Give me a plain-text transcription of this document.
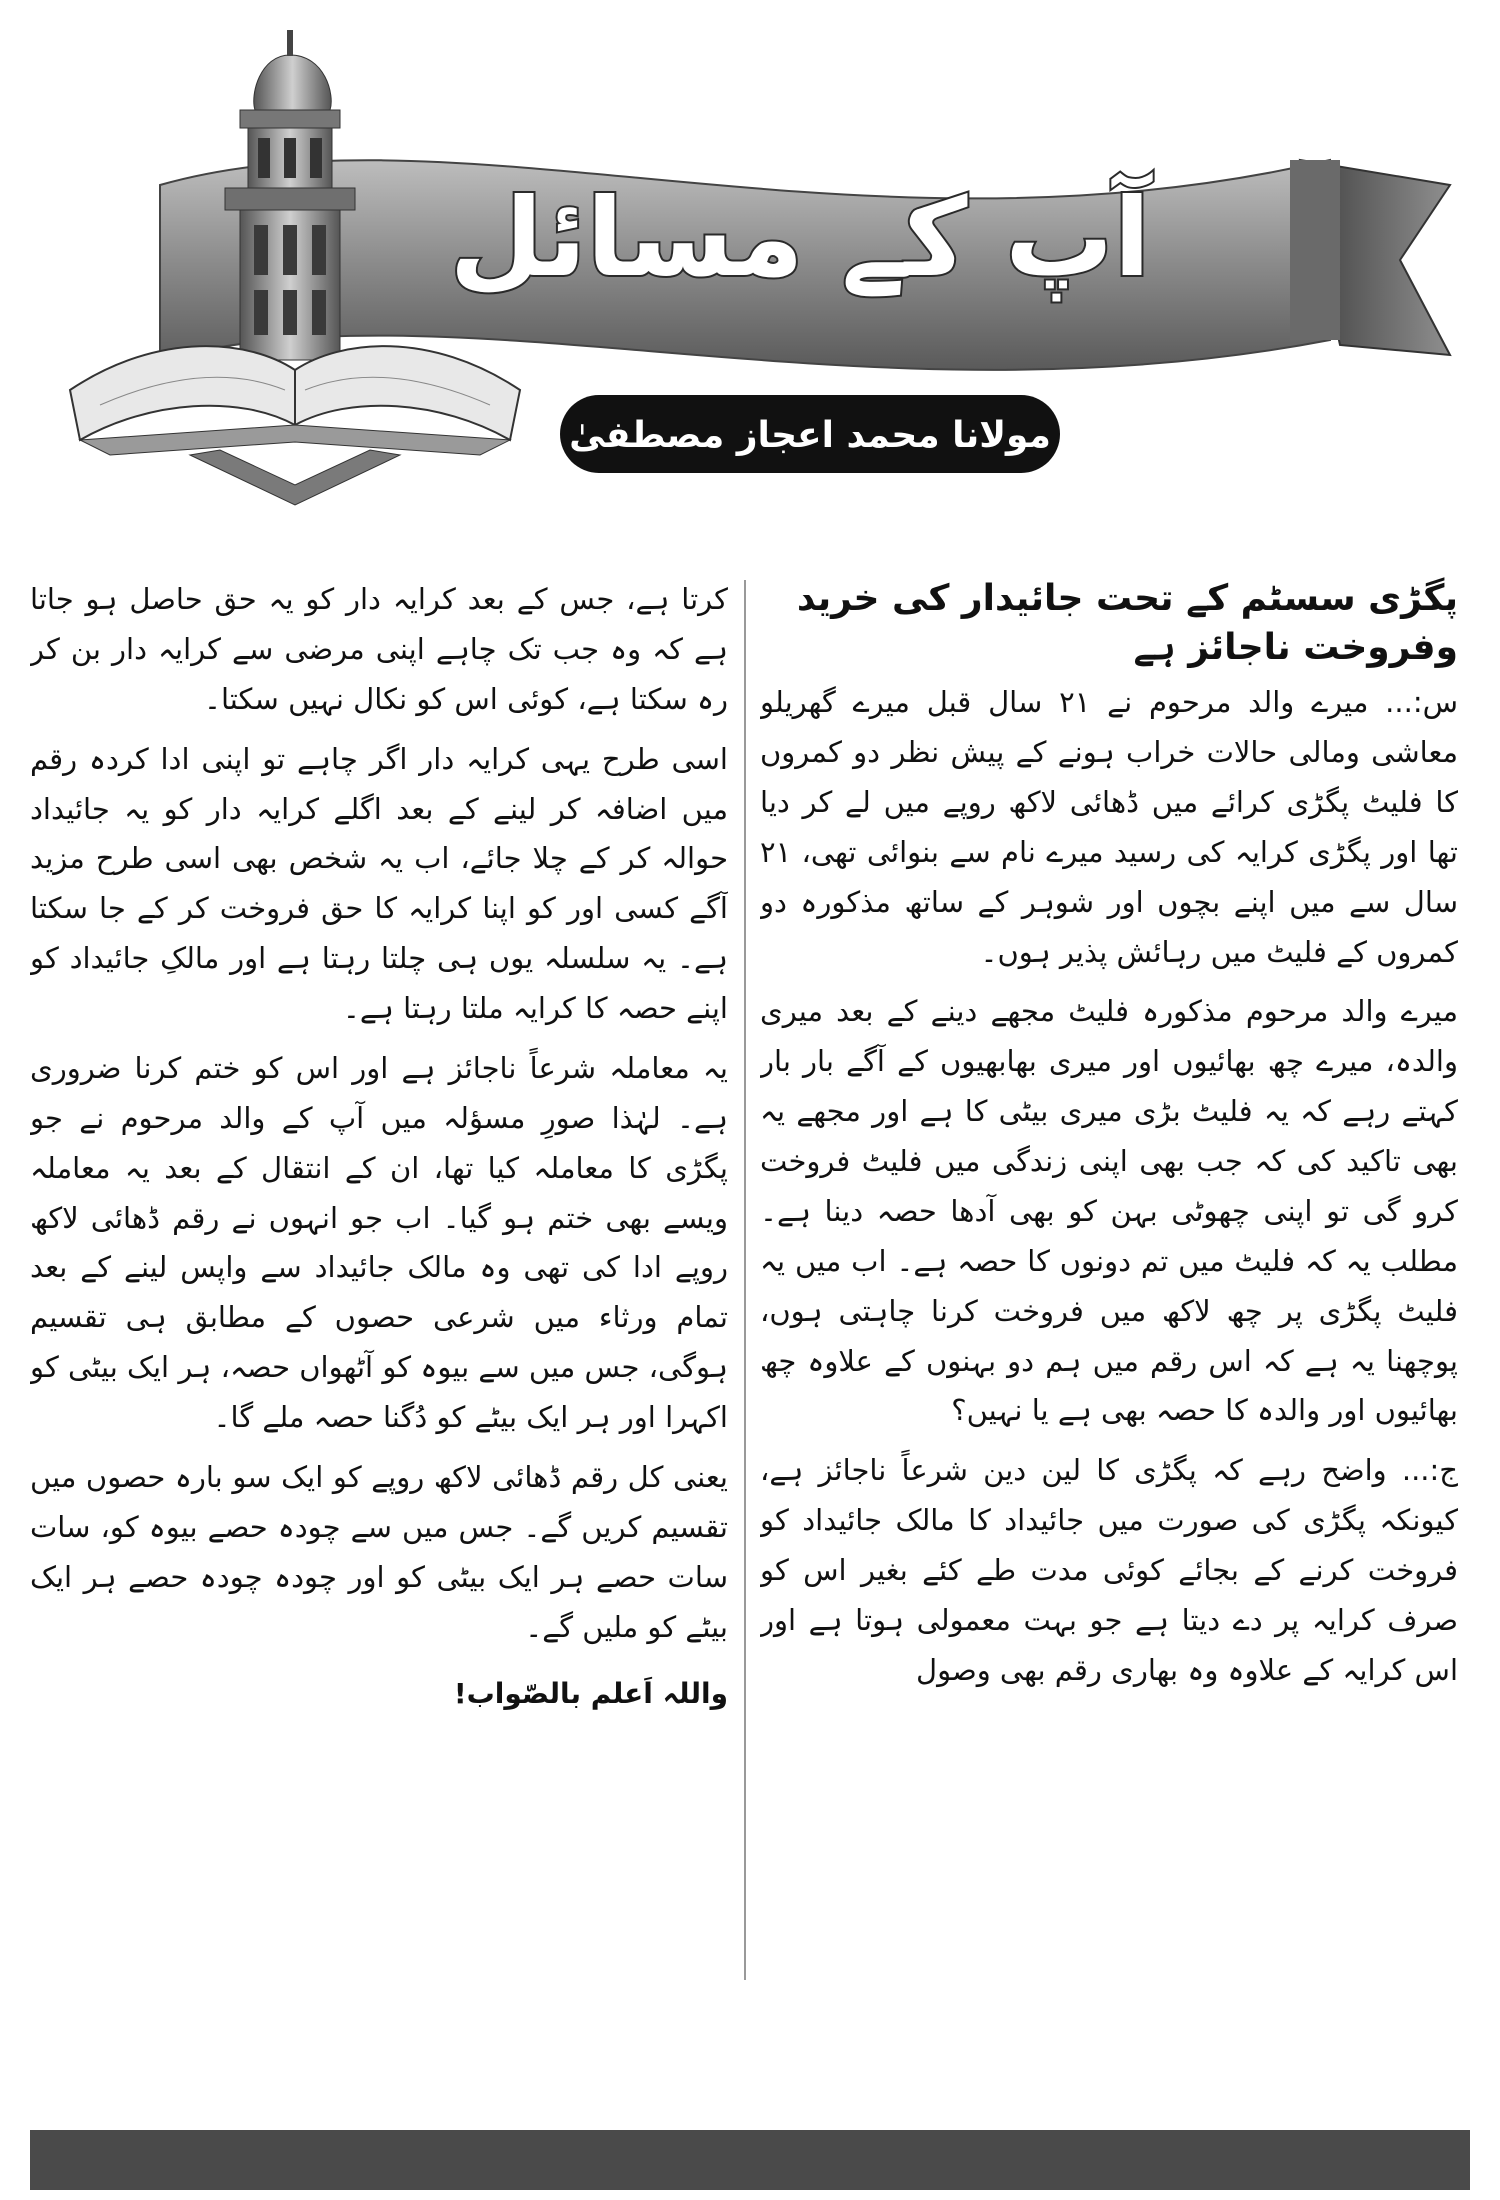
آپ کے مسائل
مولانا محمد اعجاز مصطفیٰ
پگڑی سسٹم کے تحت جائیدار کی خرید وفروخت ناجائز ہے

س:... میرے والد مرحوم نے ۲۱ سال قبل میرے گھریلو معاشی ومالی حالات خراب ہونے کے پیش نظر دو کمروں کا فلیٹ پگڑی کرائے میں ڈھائی لاکھ روپے میں لے کر دیا تھا اور پگڑی کرایہ کی رسید میرے نام سے بنوائی تھی، ۲۱ سال سے میں اپنے بچوں اور شوہر کے ساتھ مذکورہ دو کمروں کے فلیٹ میں رہائش پذیر ہوں۔

میرے والد مرحوم مذکورہ فلیٹ مجھے دینے کے بعد میری والدہ، میرے چھ بھائیوں اور میری بھابھیوں کے آگے بار بار کہتے رہے کہ یہ فلیٹ بڑی میری بیٹی کا ہے اور مجھے یہ بھی تاکید کی کہ جب بھی اپنی زندگی میں فلیٹ فروخت کرو گی تو اپنی چھوٹی بہن کو بھی آدھا حصہ دینا ہے۔ مطلب یہ کہ فلیٹ میں تم دونوں کا حصہ ہے۔ اب میں یہ فلیٹ پگڑی پر چھ لاکھ میں فروخت کرنا چاہتی ہوں، پوچھنا یہ ہے کہ اس رقم میں ہم دو بہنوں کے علاوہ چھ بھائیوں اور والدہ کا حصہ بھی ہے یا نہیں؟

ج:... واضح رہے کہ پگڑی کا لین دین شرعاً ناجائز ہے، کیونکہ پگڑی کی صورت میں جائیداد کا مالک جائیداد کو فروخت کرنے کے بجائے کوئی مدت طے کئے بغیر اس کو صرف کرایہ پر دے دیتا ہے جو بہت معمولی ہوتا ہے اور اس کرایہ کے علاوہ وہ بھاری رقم بھی وصول

کرتا ہے، جس کے بعد کرایہ دار کو یہ حق حاصل ہو جاتا ہے کہ وہ جب تک چاہے اپنی مرضی سے کرایہ دار بن کر رہ سکتا ہے، کوئی اس کو نکال نہیں سکتا۔

اسی طرح یہی کرایہ دار اگر چاہے تو اپنی ادا کردہ رقم میں اضافہ کر لینے کے بعد اگلے کرایہ دار کو یہ جائیداد حوالہ کر کے چلا جائے، اب یہ شخص بھی اسی طرح مزید آگے کسی اور کو اپنا کرایہ کا حق فروخت کر کے جا سکتا ہے۔ یہ سلسلہ یوں ہی چلتا رہتا ہے اور مالکِ جائیداد کو اپنے حصہ کا کرایہ ملتا رہتا ہے۔

یہ معاملہ شرعاً ناجائز ہے اور اس کو ختم کرنا ضروری ہے۔ لہٰذا صورِ مسؤلہ میں آپ کے والد مرحوم نے جو پگڑی کا معاملہ کیا تھا، ان کے انتقال کے بعد یہ معاملہ ویسے بھی ختم ہو گیا۔ اب جو انہوں نے رقم ڈھائی لاکھ روپے ادا کی تھی وہ مالک جائیداد سے واپس لینے کے بعد تمام ورثاء میں شرعی حصوں کے مطابق ہی تقسیم ہوگی، جس میں سے بیوہ کو آٹھواں حصہ، ہر ایک بیٹی کو اکہرا اور ہر ایک بیٹے کو دُگنا حصہ ملے گا۔

یعنی کل رقم ڈھائی لاکھ روپے کو ایک سو بارہ حصوں میں تقسیم کریں گے۔ جس میں سے چودہ حصے بیوہ کو، سات سات حصے ہر ایک بیٹی کو اور چودہ چودہ حصے ہر ایک بیٹے کو ملیں گے۔

واللہ اَعلم بالصّواب!
